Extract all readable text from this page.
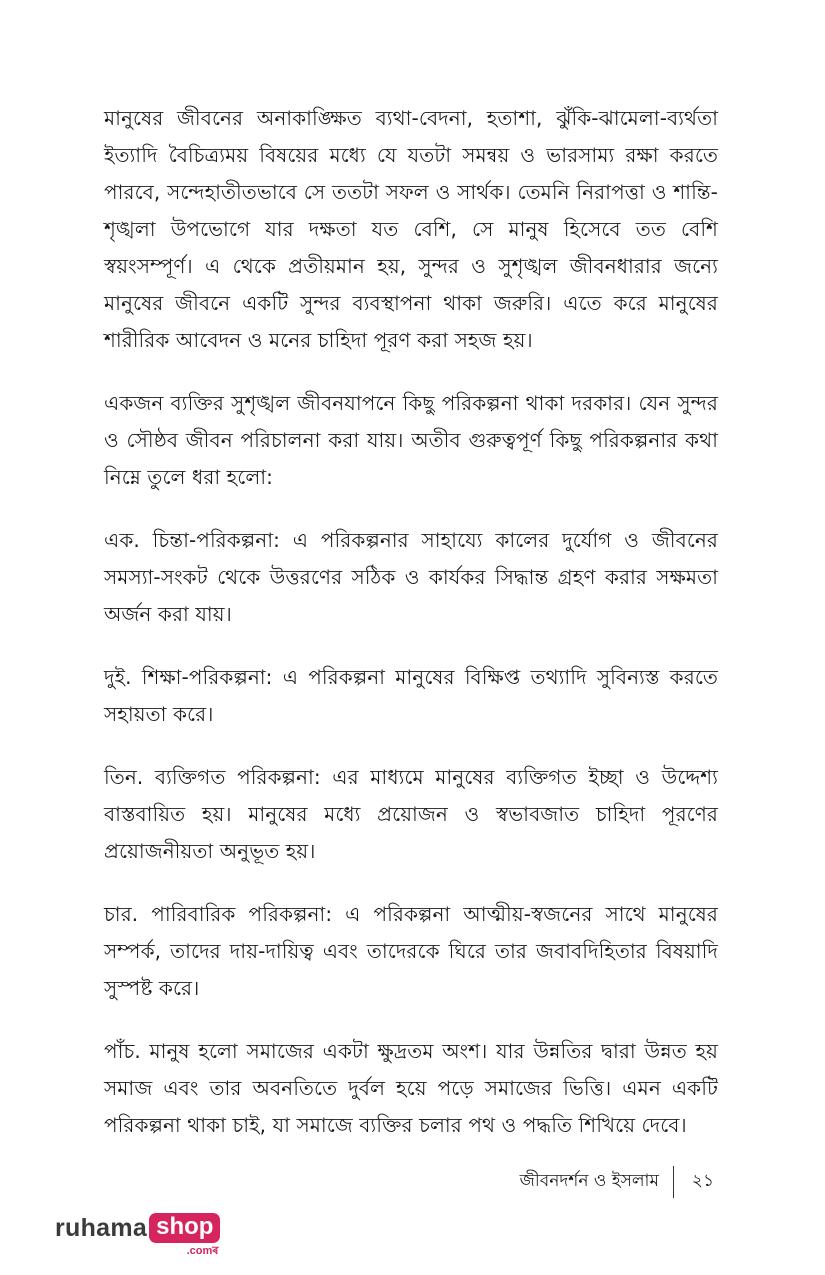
মানুষের জীবনের অনাকাঙ্ক্ষিত ব্যথা-বেদনা, হতাশা, ঝুঁকি-ঝামেলা-ব্যর্থতা ইত্যাদি বৈচিত্র্যময় বিষয়ের মধ্যে যে যতটা সমন্বয় ও ভারসাম্য রক্ষা করতে পারবে, সন্দেহাতীতভাবে সে ততটা সফল ও সার্থক। তেমনি নিরাপত্তা ও শান্তি-শৃঙ্খলা উপভোগে যার দক্ষতা যত বেশি, সে মানুষ হিসেবে তত বেশি স্বয়ংসম্পূর্ণ। এ থেকে প্রতীয়মান হয়, সুন্দর ও সুশৃঙ্খল জীবনধারার জন্যে মানুষের জীবনে একটি সুন্দর ব্যবস্থাপনা থাকা জরুরি। এতে করে মানুষের শারীরিক আবেদন ও মনের চাহিদা পূরণ করা সহজ হয়।

একজন ব্যক্তির সুশৃঙ্খল জীবনযাপনে কিছু পরিকল্পনা থাকা দরকার। যেন সুন্দর ও সৌষ্ঠব জীবন পরিচালনা করা যায়। অতীব গুরুত্বপূর্ণ কিছু পরিকল্পনার কথা নিম্নে তুলে ধরা হলো:

এক. চিন্তা-পরিকল্পনা: এ পরিকল্পনার সাহায্যে কালের দুর্যোগ ও জীবনের সমস্যা-সংকট থেকে উত্তরণের সঠিক ও কার্যকর সিদ্ধান্ত গ্রহণ করার সক্ষমতা অর্জন করা যায়।

দুই. শিক্ষা-পরিকল্পনা: এ পরিকল্পনা মানুষের বিক্ষিপ্ত তথ্যাদি সুবিন্যস্ত করতে সহায়তা করে।

তিন. ব্যক্তিগত পরিকল্পনা: এর মাধ্যমে মানুষের ব্যক্তিগত ইচ্ছা ও উদ্দেশ্য বাস্তবায়িত হয়। মানুষের মধ্যে প্রয়োজন ও স্বভাবজাত চাহিদা পূরণের প্রয়োজনীয়তা অনুভূত হয়।

চার. পারিবারিক পরিকল্পনা: এ পরিকল্পনা আত্মীয়-স্বজনের সাথে মানুষের সম্পর্ক, তাদের দায়-দায়িত্ব এবং তাদেরকে ঘিরে তার জবাবদিহিতার বিষয়াদি সুস্পষ্ট করে।

পাঁচ. মানুষ হলো সমাজের একটা ক্ষুদ্রতম অংশ। যার উন্নতির দ্বারা উন্নত হয় সমাজ এবং তার অবনতিতে দুর্বল হয়ে পড়ে সমাজের ভিত্তি। এমন একটি পরিকল্পনা থাকা চাই, যা সমাজে ব্যক্তির চলার পথ ও পদ্ধতি শিখিয়ে দেবে।

জীবনদর্শন ও ইসলাম	২১
ruhama shop
.comৰ
